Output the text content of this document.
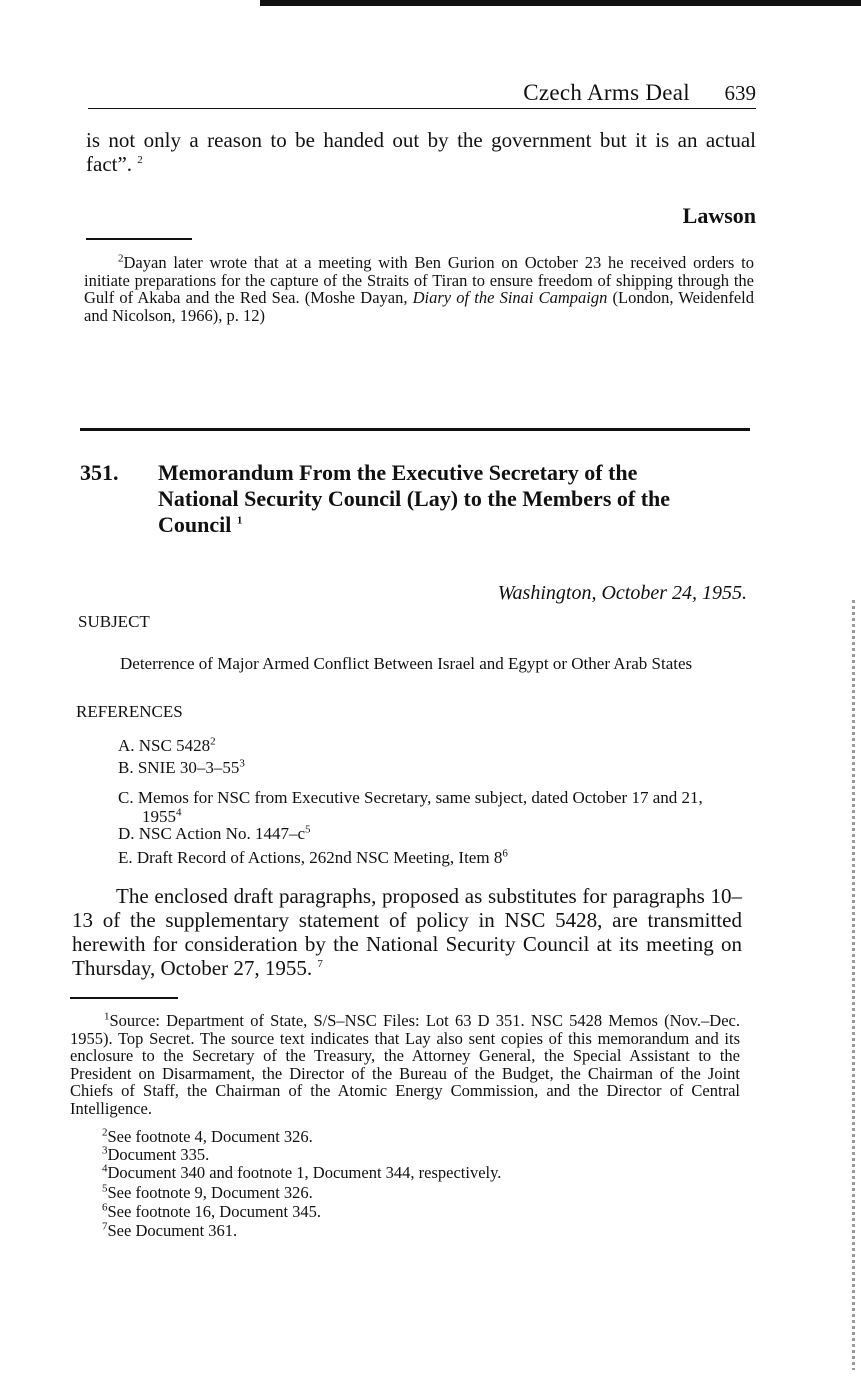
Czech Arms Deal 639
is not only a reason to be handed out by the government but it is an actual fact”. $^2$
Lawson
$^2$Dayan later wrote that at a meeting with Ben Gurion on October 23 he received orders to initiate preparations for the capture of the Straits of Tiran to ensure freedom of shipping through the Gulf of Akaba and the Red Sea. (Moshe Dayan, Diary of the Sinai Campaign (London, Weidenfeld and Nicolson, 1966), p. 12)
351. Memorandum From the Executive Secretary of the National Security Council (Lay) to the Members of the Council $^1$
Washington, October 24, 1955.
SUBJECT
Deterrence of Major Armed Conflict Between Israel and Egypt or Other Arab States
REFERENCES
A. NSC 5428$^2$
B. SNIE $30-3-55^3$
C. Memos for NSC from Executive Secretary, same subject, dated October 17 and 21, 1955$^4$
D. NSC Action No. $1447-c^5$
E. Draft Record of Actions, 262nd NSC Meeting, Item $8^6$
The enclosed draft paragraphs, proposed as substitutes for paragraphs 10–13 of the supplementary statement of policy in NSC 5428, are transmitted herewith for consideration by the National Security Council at its meeting on Thursday, October 27, 1955. $^7$
$^1$Source: Department of State, S/S–NSC Files: Lot 63 D 351. NSC 5428 Memos (Nov.–Dec. 1955). Top Secret. The source text indicates that Lay also sent copies of this memorandum and its enclosure to the Secretary of the Treasury, the Attorney General, the Special Assistant to the President on Disarmament, the Director of the Bureau of the Budget, the Chairman of the Joint Chiefs of Staff, the Chairman of the Atomic Energy Commission, and the Director of Central Intelligence.
$^2$See footnote 4, Document 326.
$^3$Document 335.
$^4$Document 340 and footnote 1, Document 344, respectively.
$^5$See footnote 9, Document 326.
$^6$See footnote 16, Document 345.
$^7$See Document 361.
